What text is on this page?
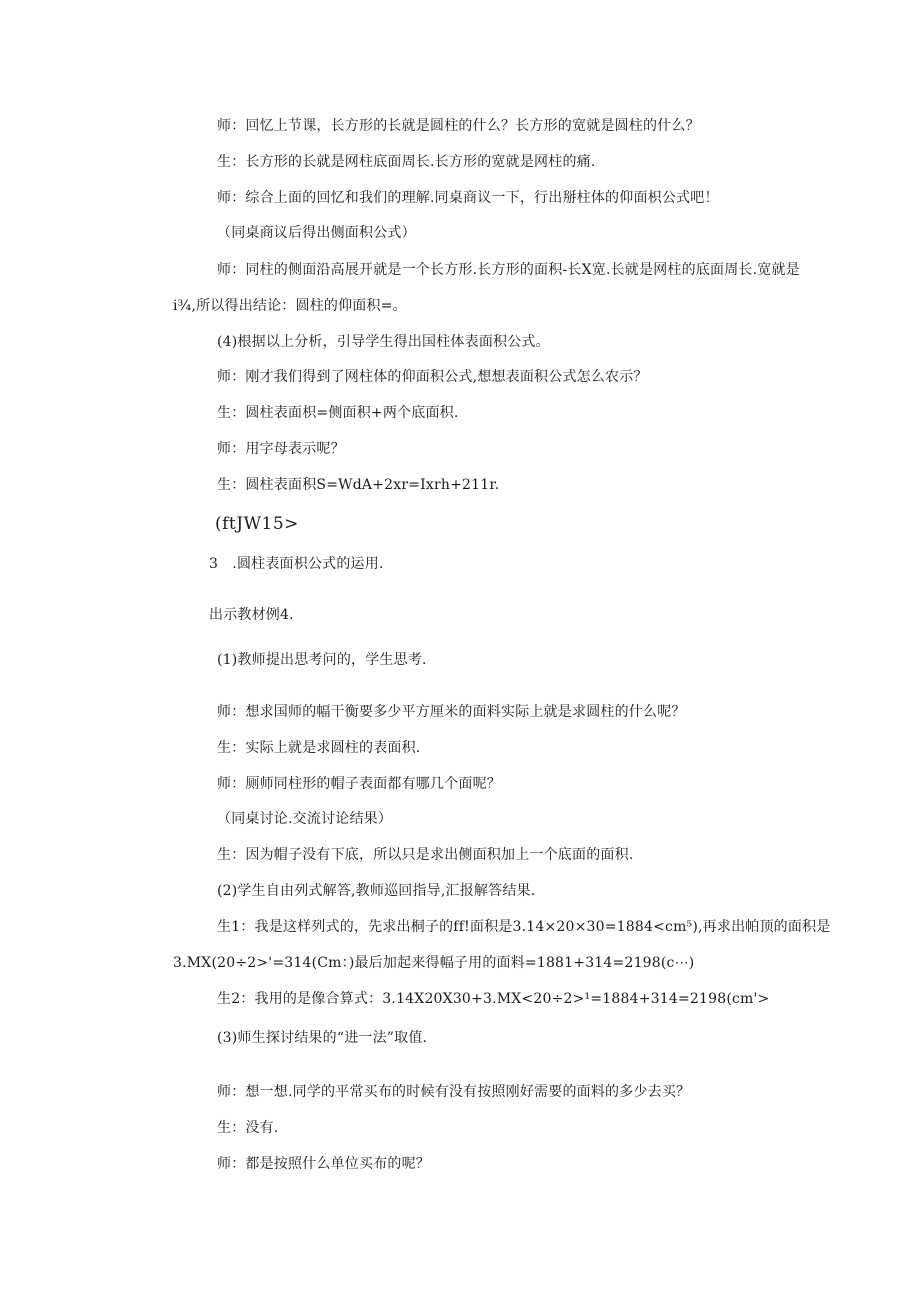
师：回忆上节课，长方形的长就是圆柱的什么？长方形的宽就是圆柱的什么？
生：长方形的长就是网柱底面周长.长方形的宽就是网柱的痛.
师：综合上面的回忆和我们的理解.同桌商议一下，行出掰柱体的仰面枳公式吧！
（同桌商议后得出侧面积公式）
师：同柱的侧面沿高展开就是一个长方形.长方形的面积-长X宽.长就是网柱的底面周长.宽就是
i¾,所以得出结论：圆柱的仰面积=。
(4)根据以上分析，引导学生得出国柱体表面积公式。
师：刚才我们得到了网柱体的仰面积公式,想想表面积公式怎么农示？
生：圆柱表面枳=侧面积+两个底面积.
师：用字母表示呢？
生：圆柱表面积S=WdA+2xr=Ixrh+211r.
(ftJW15>
3　.圆柱表面枳公式的运用.
出示教材例4.
(1)教师提出思考问的，学生思考.
师：想求国师的幅干衡要多少平方厘米的面料实际上就是求圆柱的什么呢？
生：实际上就是求圆柱的表面积.
师：厕师同柱形的帽子表面都有哪几个面呢？
（同桌讨论.交流讨论结果）
生：因为帽子没有下底，所以只是求出侧面积加上一个底面的面积.
(2)学生自由列式解答,教师巡回指导,汇报解答结果.
生1：我是这样列式的，先求出桐子的ff!面积是3.14×20×30=1884<cm⁵),再求出帕顶的面积是
3.MX(20÷2>'=314(Cm：)最后加起来得幅子用的面料=1881+314=2198(c⋯)
生2：我用的是像合算式：3.14X20X30+3.MX<20÷2>¹=1884+314=2198(cm'>
(3)师生探讨结果的“进一法”取值.
师：想一想.同学的平常买布的时候有没有按照刚好需要的面料的多少去买？
生：没有.
师：都是按照什么单位买布的呢？
